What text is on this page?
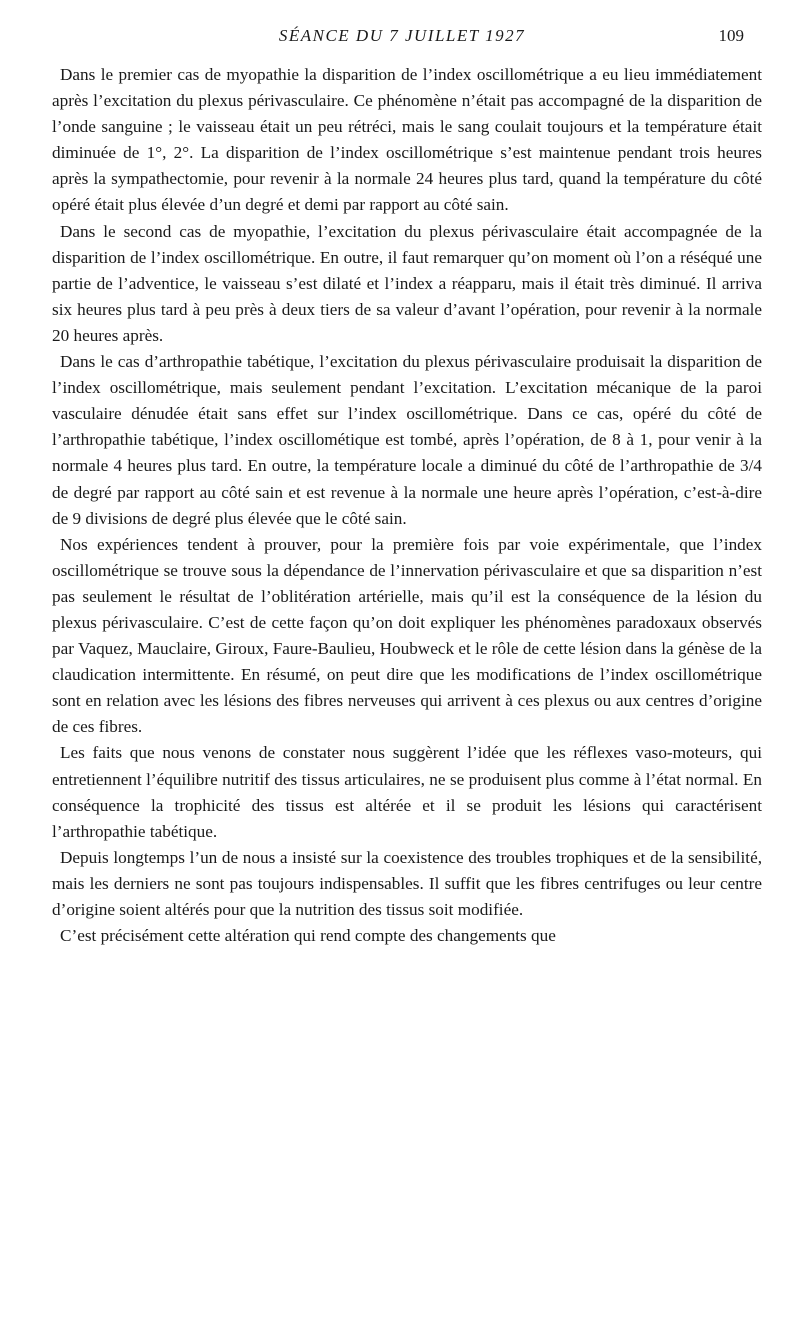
SÉANCE DU 7 JUILLET 1927	109

Dans le premier cas de myopathie la disparition de l’index oscillométrique a eu lieu immédiatement après l’excitation du plexus périvasculaire. Ce phénomène n’était pas accompagné de la disparition de l’onde sanguine ; le vaisseau était un peu rétréci, mais le sang coulait toujours et la température était diminuée de 1°, 2°. La disparition de l’index oscillométrique s’est maintenue pendant trois heures après la sympathectomie, pour revenir à la normale 24 heures plus tard, quand la température du côté opéré était plus élevée d’un degré et demi par rapport au côté sain.

Dans le second cas de myopathie, l’excitation du plexus périvasculaire était accompagnée de la disparition de l’index oscillométrique. En outre, il faut remarquer qu’on moment où l’on a réséqué une partie de l’adventice, le vaisseau s’est dilaté et l’index a réapparu, mais il était très diminué. Il arriva six heures plus tard à peu près à deux tiers de sa valeur d’avant l’opération, pour revenir à la normale 20 heures après.

Dans le cas d’arthropathie tabétique, l’excitation du plexus périvasculaire produisait la disparition de l’index oscillométrique, mais seulement pendant l’excitation. L’excitation mécanique de la paroi vasculaire dénudée était sans effet sur l’index oscillométrique. Dans ce cas, opéré du côté de l’arthropathie tabétique, l’index oscillométique est tombé, après l’opération, de 8 à 1, pour venir à la normale 4 heures plus tard. En outre, la température locale a diminué du côté de l’arthropathie de 3/4 de degré par rapport au côté sain et est revenue à la normale une heure après l’opération, c’est-à-dire de 9 divisions de degré plus élevée que le côté sain.

Nos expériences tendent à prouver, pour la première fois par voie expérimentale, que l’index oscillométrique se trouve sous la dépendance de l’innervation périvasculaire et que sa disparition n’est pas seulement le résultat de l’oblitération artérielle, mais qu’il est la conséquence de la lésion du plexus périvasculaire. C’est de cette façon qu’on doit expliquer les phénomènes paradoxaux observés par Vaquez, Mauclaire, Giroux, Faure-Baulieu, Houbweck et le rôle de cette lésion dans la génèse de la claudication intermittente. En résumé, on peut dire que les modifications de l’index oscillométrique sont en relation avec les lésions des fibres nerveuses qui arrivent à ces plexus ou aux centres d’origine de ces fibres.

Les faits que nous venons de constater nous suggèrent l’idée que les réflexes vaso-moteurs, qui entretiennent l’équilibre nutritif des tissus articulaires, ne se produisent plus comme à l’état normal. En conséquence la trophicité des tissus est altérée et il se produit les lésions qui caractérisent l’arthropathie tabétique.

Depuis longtemps l’un de nous a insisté sur la coexistence des troubles trophiques et de la sensibilité, mais les derniers ne sont pas toujours indispensables. Il suffit que les fibres centrifuges ou leur centre d’origine soient altérés pour que la nutrition des tissus soit modifiée.

C’est précisément cette altération qui rend compte des changements que
